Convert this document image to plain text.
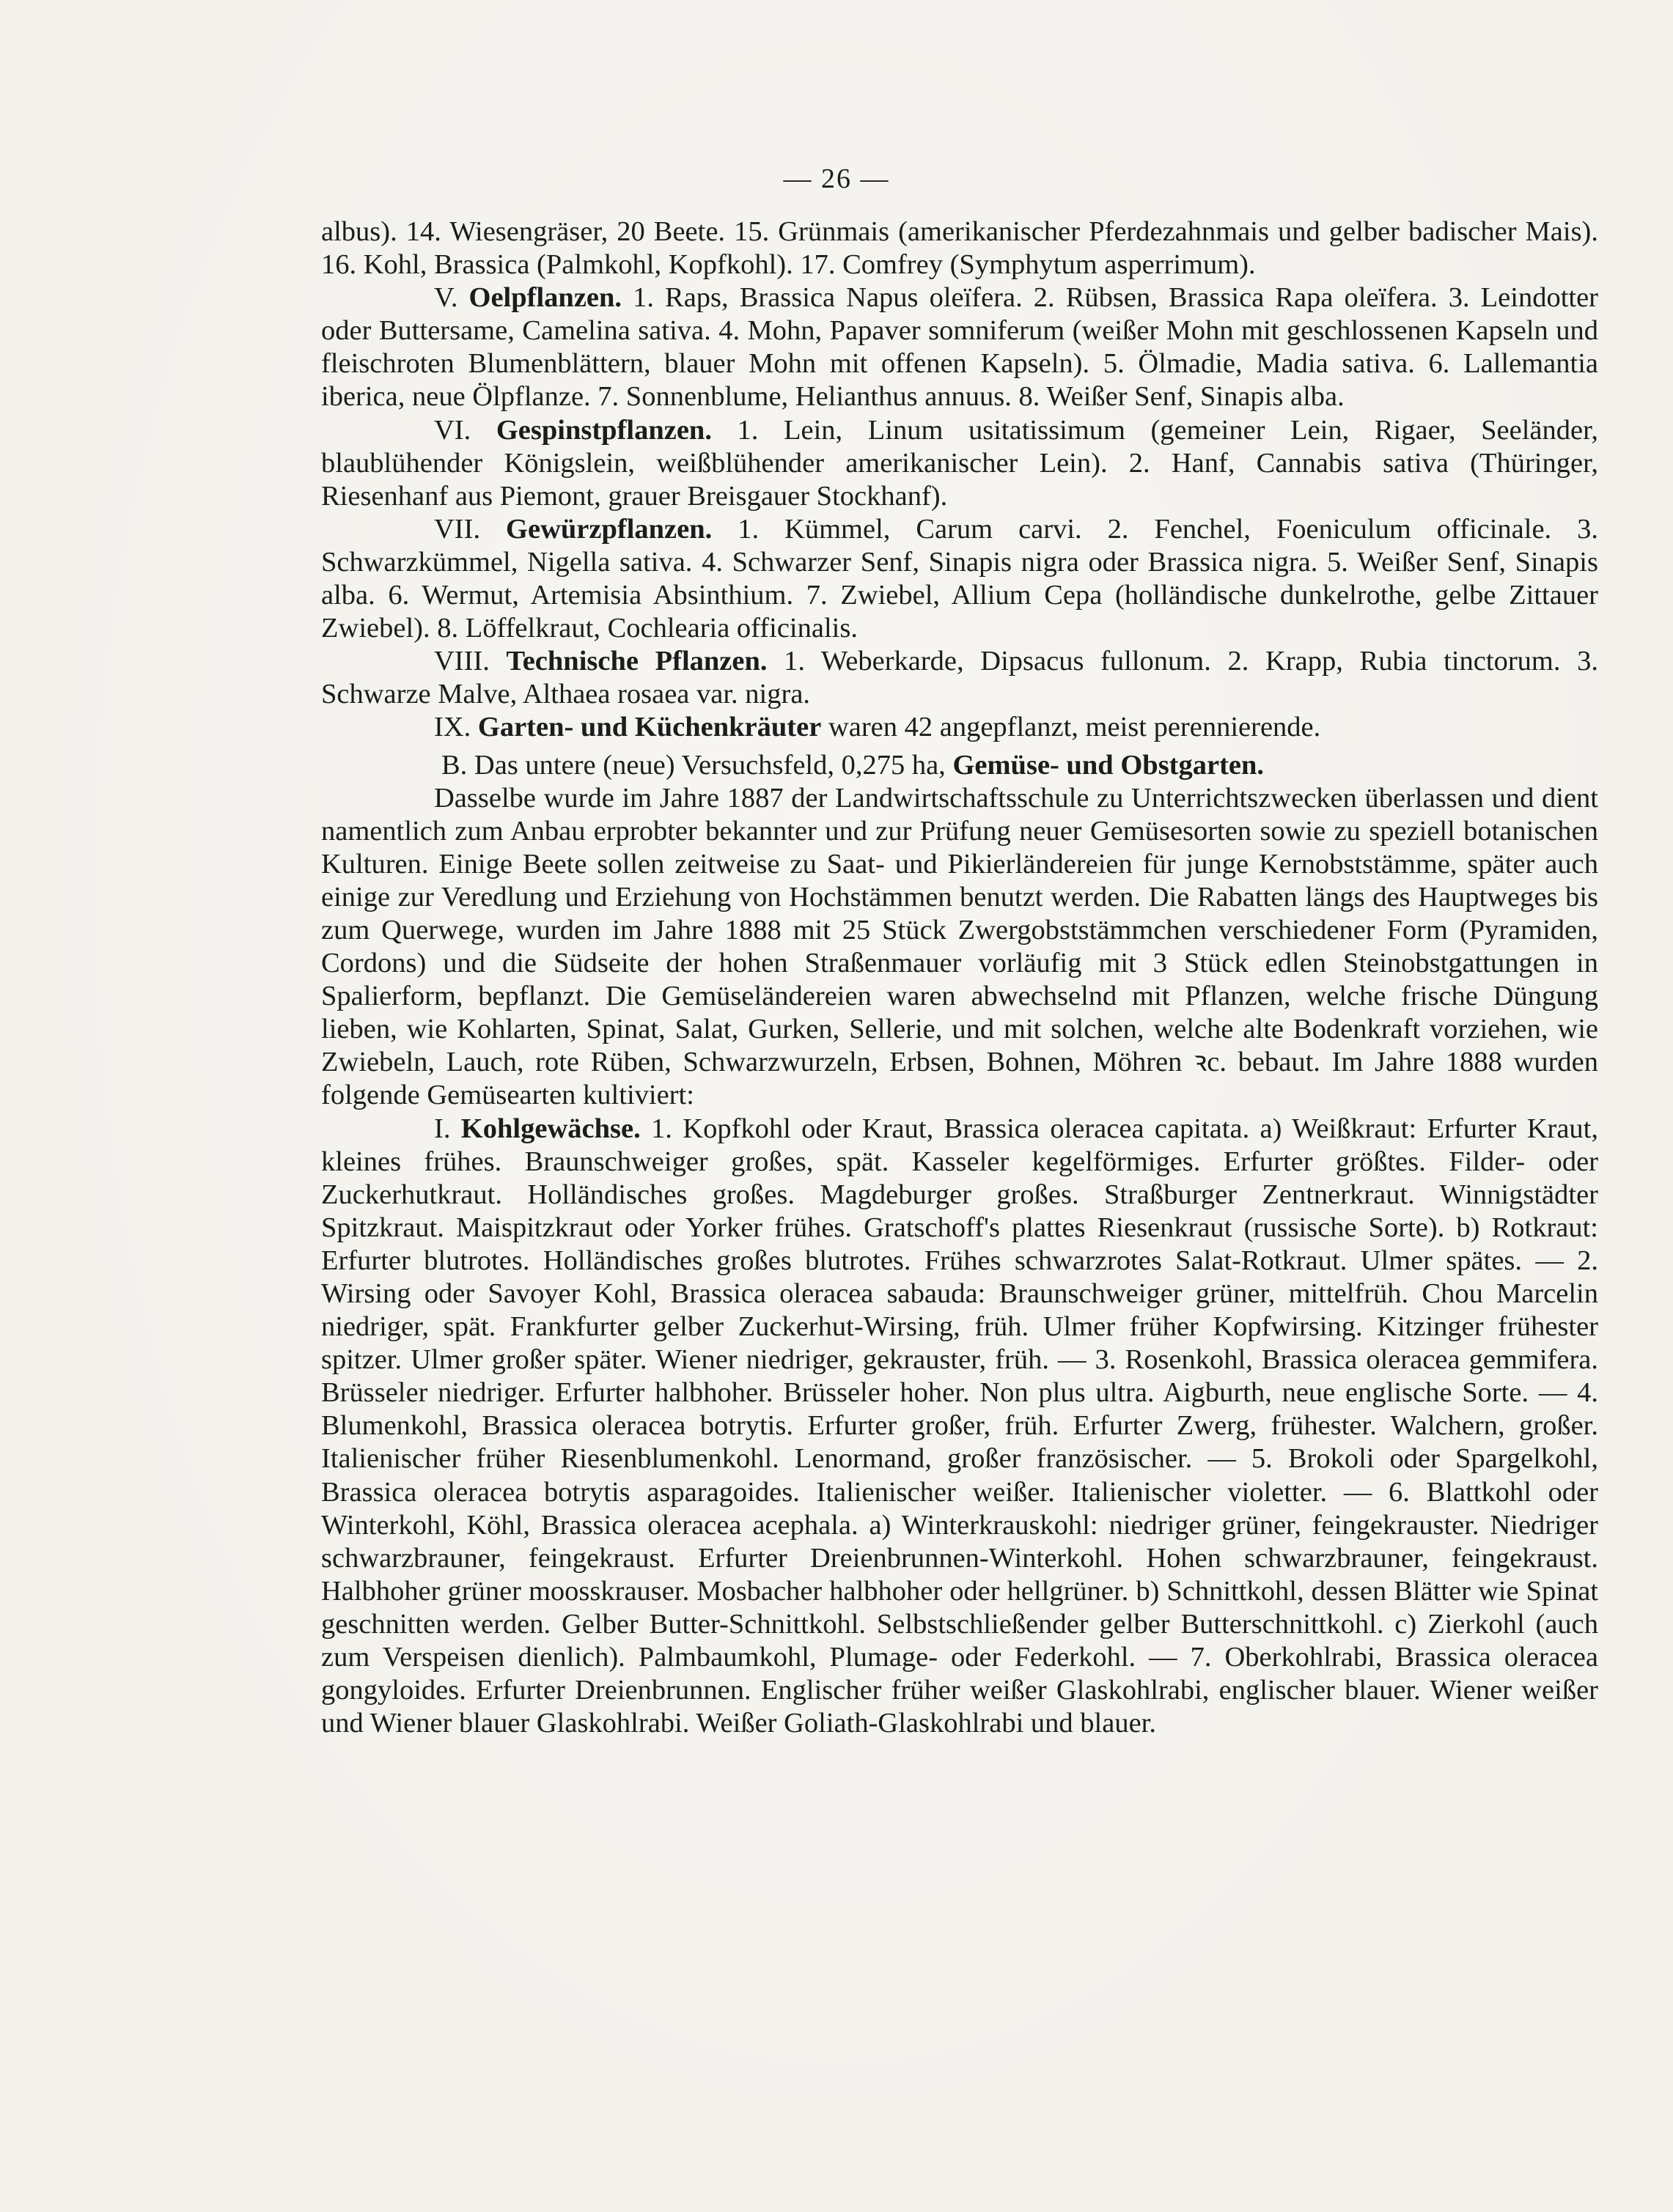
— 26 —

albus). 14. Wiesengräser, 20 Beete. 15. Grünmais (amerikanischer Pferdezahnmais und gelber badischer Mais). 16. Kohl, Brassica (Palmkohl, Kopfkohl). 17. Comfrey (Symphytum asperrimum).

V. Oelpflanzen. 1. Raps, Brassica Napus oleïfera. 2. Rübsen, Brassica Rapa oleïfera. 3. Leindotter oder Buttersame, Camelina sativa. 4. Mohn, Papaver somniferum (weißer Mohn mit geschlossenen Kapseln und fleischroten Blumenblättern, blauer Mohn mit offenen Kapseln). 5. Ölmadie, Madia sativa. 6. Lallemantia iberica, neue Ölpflanze. 7. Sonnenblume, Helianthus annuus. 8. Weißer Senf, Sinapis alba.

VI. Gespinstpflanzen. 1. Lein, Linum usitatissimum (gemeiner Lein, Rigaer, Seeländer, blaublühender Königslein, weißblühender amerikanischer Lein). 2. Hanf, Cannabis sativa (Thüringer, Riesenhanf aus Piemont, grauer Breisgauer Stockhanf).

VII. Gewürzpflanzen. 1. Kümmel, Carum carvi. 2. Fenchel, Foeniculum officinale. 3. Schwarzkümmel, Nigella sativa. 4. Schwarzer Senf, Sinapis nigra oder Brassica nigra. 5. Weißer Senf, Sinapis alba. 6. Wermut, Artemisia Absinthium. 7. Zwiebel, Allium Cepa (holländische dunkelrothe, gelbe Zittauer Zwiebel). 8. Löffelkraut, Cochlearia officinalis.

VIII. Technische Pflanzen. 1. Weberkarde, Dipsacus fullonum. 2. Krapp, Rubia tinctorum. 3. Schwarze Malve, Althaea rosaea var. nigra.

IX. Garten- und Küchenkräuter waren 42 angepflanzt, meist perennierende.

B. Das untere (neue) Versuchsfeld, 0,275 ha, Gemüse- und Obstgarten.

Dasselbe wurde im Jahre 1887 der Landwirtschaftsschule zu Unterrichtszwecken überlassen und dient namentlich zum Anbau erprobter bekannter und zur Prüfung neuer Gemüsesorten sowie zu speziell botanischen Kulturen. Einige Beete sollen zeitweise zu Saat- und Pikierländereien für junge Kernobststämme, später auch einige zur Veredlung und Erziehung von Hochstämmen benutzt werden. Die Rabatten längs des Hauptweges bis zum Querwege, wurden im Jahre 1888 mit 25 Stück Zwergobststämmchen verschiedener Form (Pyramiden, Cordons) und die Südseite der hohen Straßenmauer vorläufig mit 3 Stück edlen Steinobstgattungen in Spalierform, bepflanzt. Die Gemüseländereien waren abwechselnd mit Pflanzen, welche frische Düngung lieben, wie Kohlarten, Spinat, Salat, Gurken, Sellerie, und mit solchen, welche alte Bodenkraft vorziehen, wie Zwiebeln, Lauch, rote Rüben, Schwarzwurzeln, Erbsen, Bohnen, Möhren ꝛc. bebaut. Im Jahre 1888 wurden folgende Gemüsearten kultiviert:

I. Kohlgewächse. 1. Kopfkohl oder Kraut, Brassica oleracea capitata. a) Weißkraut: Erfurter Kraut, kleines frühes. Braunschweiger großes, spät. Kasseler kegelförmiges. Erfurter größtes. Filder- oder Zuckerhutkraut. Holländisches großes. Magdeburger großes. Straßburger Zentnerkraut. Winnigstädter Spitzkraut. Maispitzkraut oder Yorker frühes. Gratschoff's plattes Riesenkraut (russische Sorte). b) Rotkraut: Erfurter blutrotes. Holländisches großes blutrotes. Frühes schwarzrotes Salat-Rotkraut. Ulmer spätes. — 2. Wirsing oder Savoyer Kohl, Brassica oleracea sabauda: Braunschweiger grüner, mittelfrüh. Chou Marcelin niedriger, spät. Frankfurter gelber Zuckerhut-Wirsing, früh. Ulmer früher Kopfwirsing. Kitzinger frühester spitzer. Ulmer großer später. Wiener niedriger, gekrauster, früh. — 3. Rosenkohl, Brassica oleracea gemmifera. Brüsseler niedriger. Erfurter halbhoher. Brüsseler hoher. Non plus ultra. Aigburth, neue englische Sorte. — 4. Blumenkohl, Brassica oleracea botrytis. Erfurter großer, früh. Erfurter Zwerg, frühester. Walchern, großer. Italienischer früher Riesenblumenkohl. Lenormand, großer französischer. — 5. Brokoli oder Spargelkohl, Brassica oleracea botrytis asparagoides. Italienischer weißer. Italienischer violetter. — 6. Blattkohl oder Winterkohl, Köhl, Brassica oleracea acephala. a) Winterkrauskohl: niedriger grüner, feingekrauster. Niedriger schwarzbrauner, feingekraust. Erfurter Dreienbrunnen-Winterkohl. Hohen schwarzbrauner, feingekraust. Halbhoher grüner moosskrauser. Mosbacher halbhoher oder hellgrüner. b) Schnittkohl, dessen Blätter wie Spinat geschnitten werden. Gelber Butter-Schnittkohl. Selbstschließender gelber Butterschnittkohl. c) Zierkohl (auch zum Verspeisen dienlich). Palmbaumkohl, Plumage- oder Federkohl. — 7. Oberkohlrabi, Brassica oleracea gongyloides. Erfurter Dreienbrunnen. Englischer früher weißer Glaskohlrabi, englischer blauer. Wiener weißer und Wiener blauer Glaskohlrabi. Weißer Goliath-Glaskohlrabi und blauer.
